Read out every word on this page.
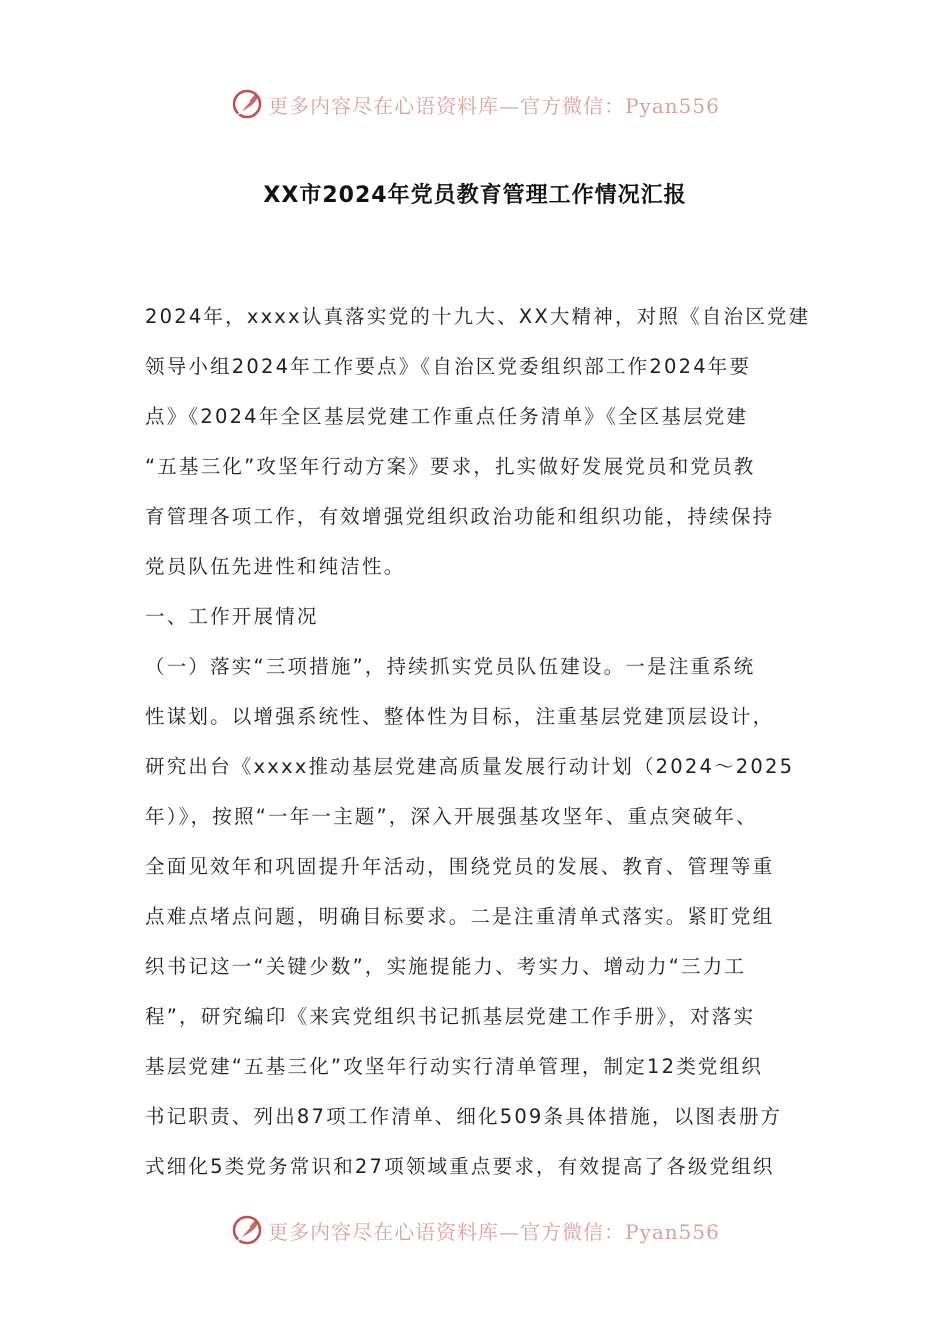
更多内容尽在心语资料库—官方微信：Pyan556
XX市2024年党员教育管理工作情况汇报
2024年，xxxx认真落实党的十九大、XX大精神，对照《自治区党建
领导小组2024年工作要点》《自治区党委组织部工作2024年要
点》《2024年全区基层党建工作重点任务清单》《全区基层党建
“五基三化”攻坚年行动方案》要求，扎实做好发展党员和党员教
育管理各项工作，有效增强党组织政治功能和组织功能，持续保持
党员队伍先进性和纯洁性。
一、工作开展情况
（一）落实“三项措施”，持续抓实党员队伍建设。一是注重系统
性谋划。以增强系统性、整体性为目标，注重基层党建顶层设计，
研究出台《xxxx推动基层党建高质量发展行动计划（2024～2025
年）》，按照“一年一主题”，深入开展强基攻坚年、重点突破年、
全面见效年和巩固提升年活动，围绕党员的发展、教育、管理等重
点难点堵点问题，明确目标要求。二是注重清单式落实。紧盯党组
织书记这一“关键少数”，实施提能力、考实力、增动力“三力工
程”，研究编印《来宾党组织书记抓基层党建工作手册》，对落实
基层党建“五基三化”攻坚年行动实行清单管理，制定12类党组织
书记职责、列出87项工作清单、细化509条具体措施，以图表册方
式细化5类党务常识和27项领域重点要求，有效提高了各级党组织
更多内容尽在心语资料库—官方微信：Pyan556
